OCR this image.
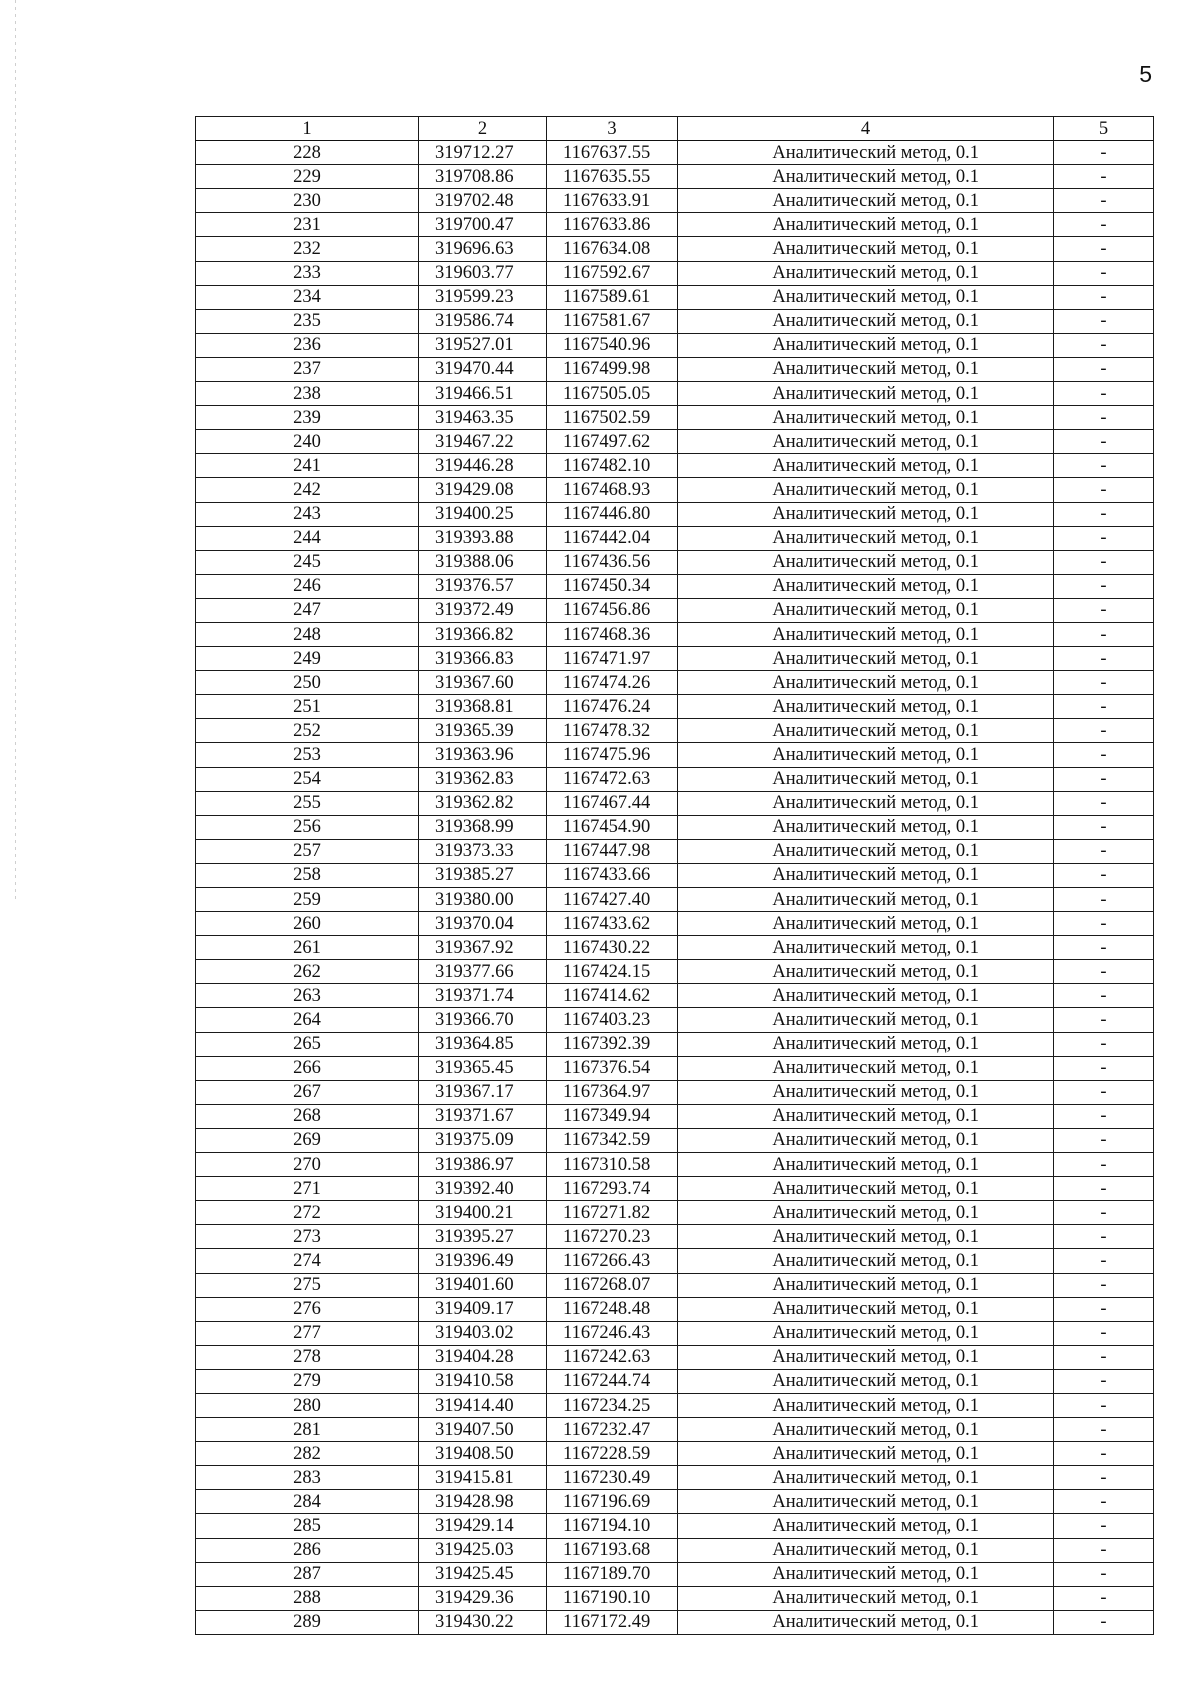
5
1	2	3	4	5
228	319712.27	1167637.55	Аналитический метод, 0.1	-
229	319708.86	1167635.55	Аналитический метод, 0.1	-
230	319702.48	1167633.91	Аналитический метод, 0.1	-
231	319700.47	1167633.86	Аналитический метод, 0.1	-
232	319696.63	1167634.08	Аналитический метод, 0.1	-
233	319603.77	1167592.67	Аналитический метод, 0.1	-
234	319599.23	1167589.61	Аналитический метод, 0.1	-
235	319586.74	1167581.67	Аналитический метод, 0.1	-
236	319527.01	1167540.96	Аналитический метод, 0.1	-
237	319470.44	1167499.98	Аналитический метод, 0.1	-
238	319466.51	1167505.05	Аналитический метод, 0.1	-
239	319463.35	1167502.59	Аналитический метод, 0.1	-
240	319467.22	1167497.62	Аналитический метод, 0.1	-
241	319446.28	1167482.10	Аналитический метод, 0.1	-
242	319429.08	1167468.93	Аналитический метод, 0.1	-
243	319400.25	1167446.80	Аналитический метод, 0.1	-
244	319393.88	1167442.04	Аналитический метод, 0.1	-
245	319388.06	1167436.56	Аналитический метод, 0.1	-
246	319376.57	1167450.34	Аналитический метод, 0.1	-
247	319372.49	1167456.86	Аналитический метод, 0.1	-
248	319366.82	1167468.36	Аналитический метод, 0.1	-
249	319366.83	1167471.97	Аналитический метод, 0.1	-
250	319367.60	1167474.26	Аналитический метод, 0.1	-
251	319368.81	1167476.24	Аналитический метод, 0.1	-
252	319365.39	1167478.32	Аналитический метод, 0.1	-
253	319363.96	1167475.96	Аналитический метод, 0.1	-
254	319362.83	1167472.63	Аналитический метод, 0.1	-
255	319362.82	1167467.44	Аналитический метод, 0.1	-
256	319368.99	1167454.90	Аналитический метод, 0.1	-
257	319373.33	1167447.98	Аналитический метод, 0.1	-
258	319385.27	1167433.66	Аналитический метод, 0.1	-
259	319380.00	1167427.40	Аналитический метод, 0.1	-
260	319370.04	1167433.62	Аналитический метод, 0.1	-
261	319367.92	1167430.22	Аналитический метод, 0.1	-
262	319377.66	1167424.15	Аналитический метод, 0.1	-
263	319371.74	1167414.62	Аналитический метод, 0.1	-
264	319366.70	1167403.23	Аналитический метод, 0.1	-
265	319364.85	1167392.39	Аналитический метод, 0.1	-
266	319365.45	1167376.54	Аналитический метод, 0.1	-
267	319367.17	1167364.97	Аналитический метод, 0.1	-
268	319371.67	1167349.94	Аналитический метод, 0.1	-
269	319375.09	1167342.59	Аналитический метод, 0.1	-
270	319386.97	1167310.58	Аналитический метод, 0.1	-
271	319392.40	1167293.74	Аналитический метод, 0.1	-
272	319400.21	1167271.82	Аналитический метод, 0.1	-
273	319395.27	1167270.23	Аналитический метод, 0.1	-
274	319396.49	1167266.43	Аналитический метод, 0.1	-
275	319401.60	1167268.07	Аналитический метод, 0.1	-
276	319409.17	1167248.48	Аналитический метод, 0.1	-
277	319403.02	1167246.43	Аналитический метод, 0.1	-
278	319404.28	1167242.63	Аналитический метод, 0.1	-
279	319410.58	1167244.74	Аналитический метод, 0.1	-
280	319414.40	1167234.25	Аналитический метод, 0.1	-
281	319407.50	1167232.47	Аналитический метод, 0.1	-
282	319408.50	1167228.59	Аналитический метод, 0.1	-
283	319415.81	1167230.49	Аналитический метод, 0.1	-
284	319428.98	1167196.69	Аналитический метод, 0.1	-
285	319429.14	1167194.10	Аналитический метод, 0.1	-
286	319425.03	1167193.68	Аналитический метод, 0.1	-
287	319425.45	1167189.70	Аналитический метод, 0.1	-
288	319429.36	1167190.10	Аналитический метод, 0.1	-
289	319430.22	1167172.49	Аналитический метод, 0.1	-
